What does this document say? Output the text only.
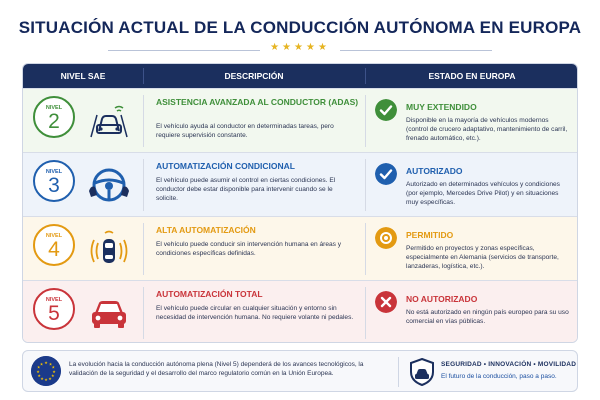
SITUACIÓN ACTUAL DE LA CONDUCCIÓN AUTÓNOMA EN EUROPA
★★★★★
NIVEL SAE	DESCRIPCIÓN	ESTADO EN EUROPA
NIVEL
2
ASISTENCIA AVANZADA AL CONDUCTOR (ADAS)
El vehículo ayuda al conductor en determinadas tareas, pero requiere supervisión constante.
MUY EXTENDIDO
Disponible en la mayoría de vehículos modernos (control de crucero adaptativo, mantenimiento de carril, frenado automático, etc.).
NIVEL
3
AUTOMATIZACIÓN CONDICIONAL
El vehículo puede asumir el control en ciertas condiciones. El conductor debe estar disponible para intervenir cuando se le solicite.
AUTORIZADO
Autorizado en determinados vehículos y condiciones (por ejemplo, Mercedes Drive Pilot) y en situaciones muy específicas.
NIVEL
4
ALTA AUTOMATIZACIÓN
El vehículo puede conducir sin intervención humana en áreas y condiciones específicas definidas.
PERMITIDO
Permitido en proyectos y zonas específicas, especialmente en Alemania (servicios de transporte, lanzaderas, logística, etc.).
NIVEL
5
AUTOMATIZACIÓN TOTAL
El vehículo puede circular en cualquier situación y entorno sin necesidad de intervención humana. No requiere volante ni pedales.
NO AUTORIZADO
No está autorizado en ningún país europeo para su uso comercial en vías públicas.
★ ★
★
★
★
★
★
★
★
★
★
★	La evolución hacia la conducción autónoma plena (Nivel 5) dependerá de los avances tecnológicos, la validación de la seguridad y el desarrollo del marco regulatorio común en la Unión Europea.
SEGURIDAD • INNOVACIÓN • MOVILIDAD
El futuro de la conducción, paso a paso.
